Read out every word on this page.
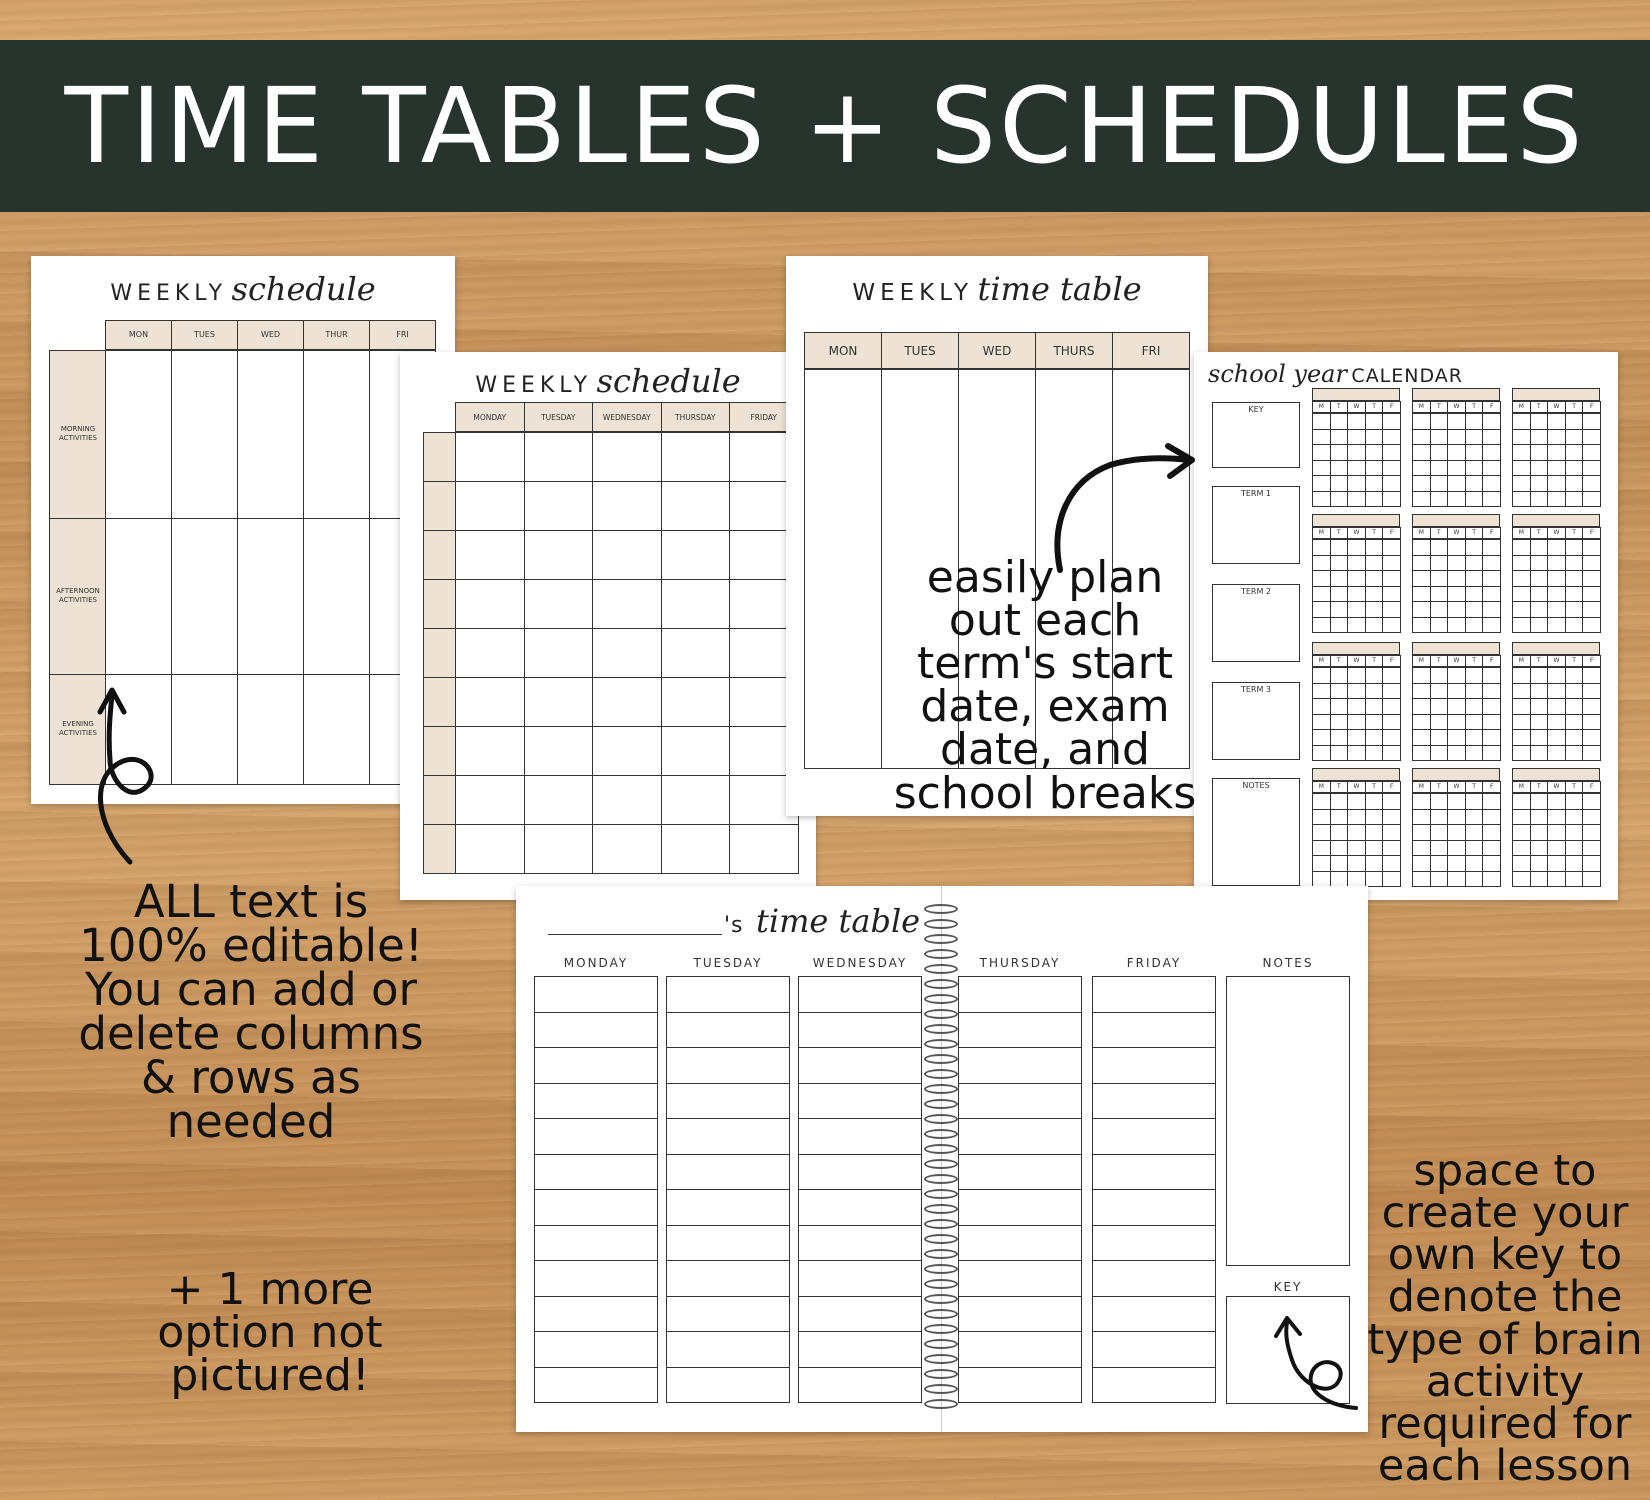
TIME TABLES + SCHEDULES
WEEKLY schedule
MON	TUES	WED	THUR	FRI
MORNING ACTIVITIES
AFTERNOON ACTIVITIES
EVENING ACTIVITIES
WEEKLY schedule
MONDAY	TUESDAY	WEDNESDAY	THURSDAY	FRIDAY
WEEKLY time table
MON	TUES	WED	THURS	FRI
school year CALENDAR
KEY
TERM 1
TERM 2
TERM 3
NOTES
M	T	W	T	F	M	T	W	T	F	M	T	W	T	F
M	T	W	T	F	M	T	W	T	F	M	T	W	T	F
M	T	W	T	F	M	T	W	T	F	M	T	W	T	F
M	T	W	T	F	M	T	W	T	F	M	T	W	T	F
's time table
MONDAY	TUESDAY	WEDNESDAY	THURSDAY	FRIDAY	NOTES
KEY
easily plan
out each
term's start
date, exam
date, and
school breaks
ALL text is
100% editable!
You can add or
delete columns
& rows as
needed
+ 1 more
option not
pictured!
space to
create your
own key to
denote the
type of brain
activity
required for
each lesson
